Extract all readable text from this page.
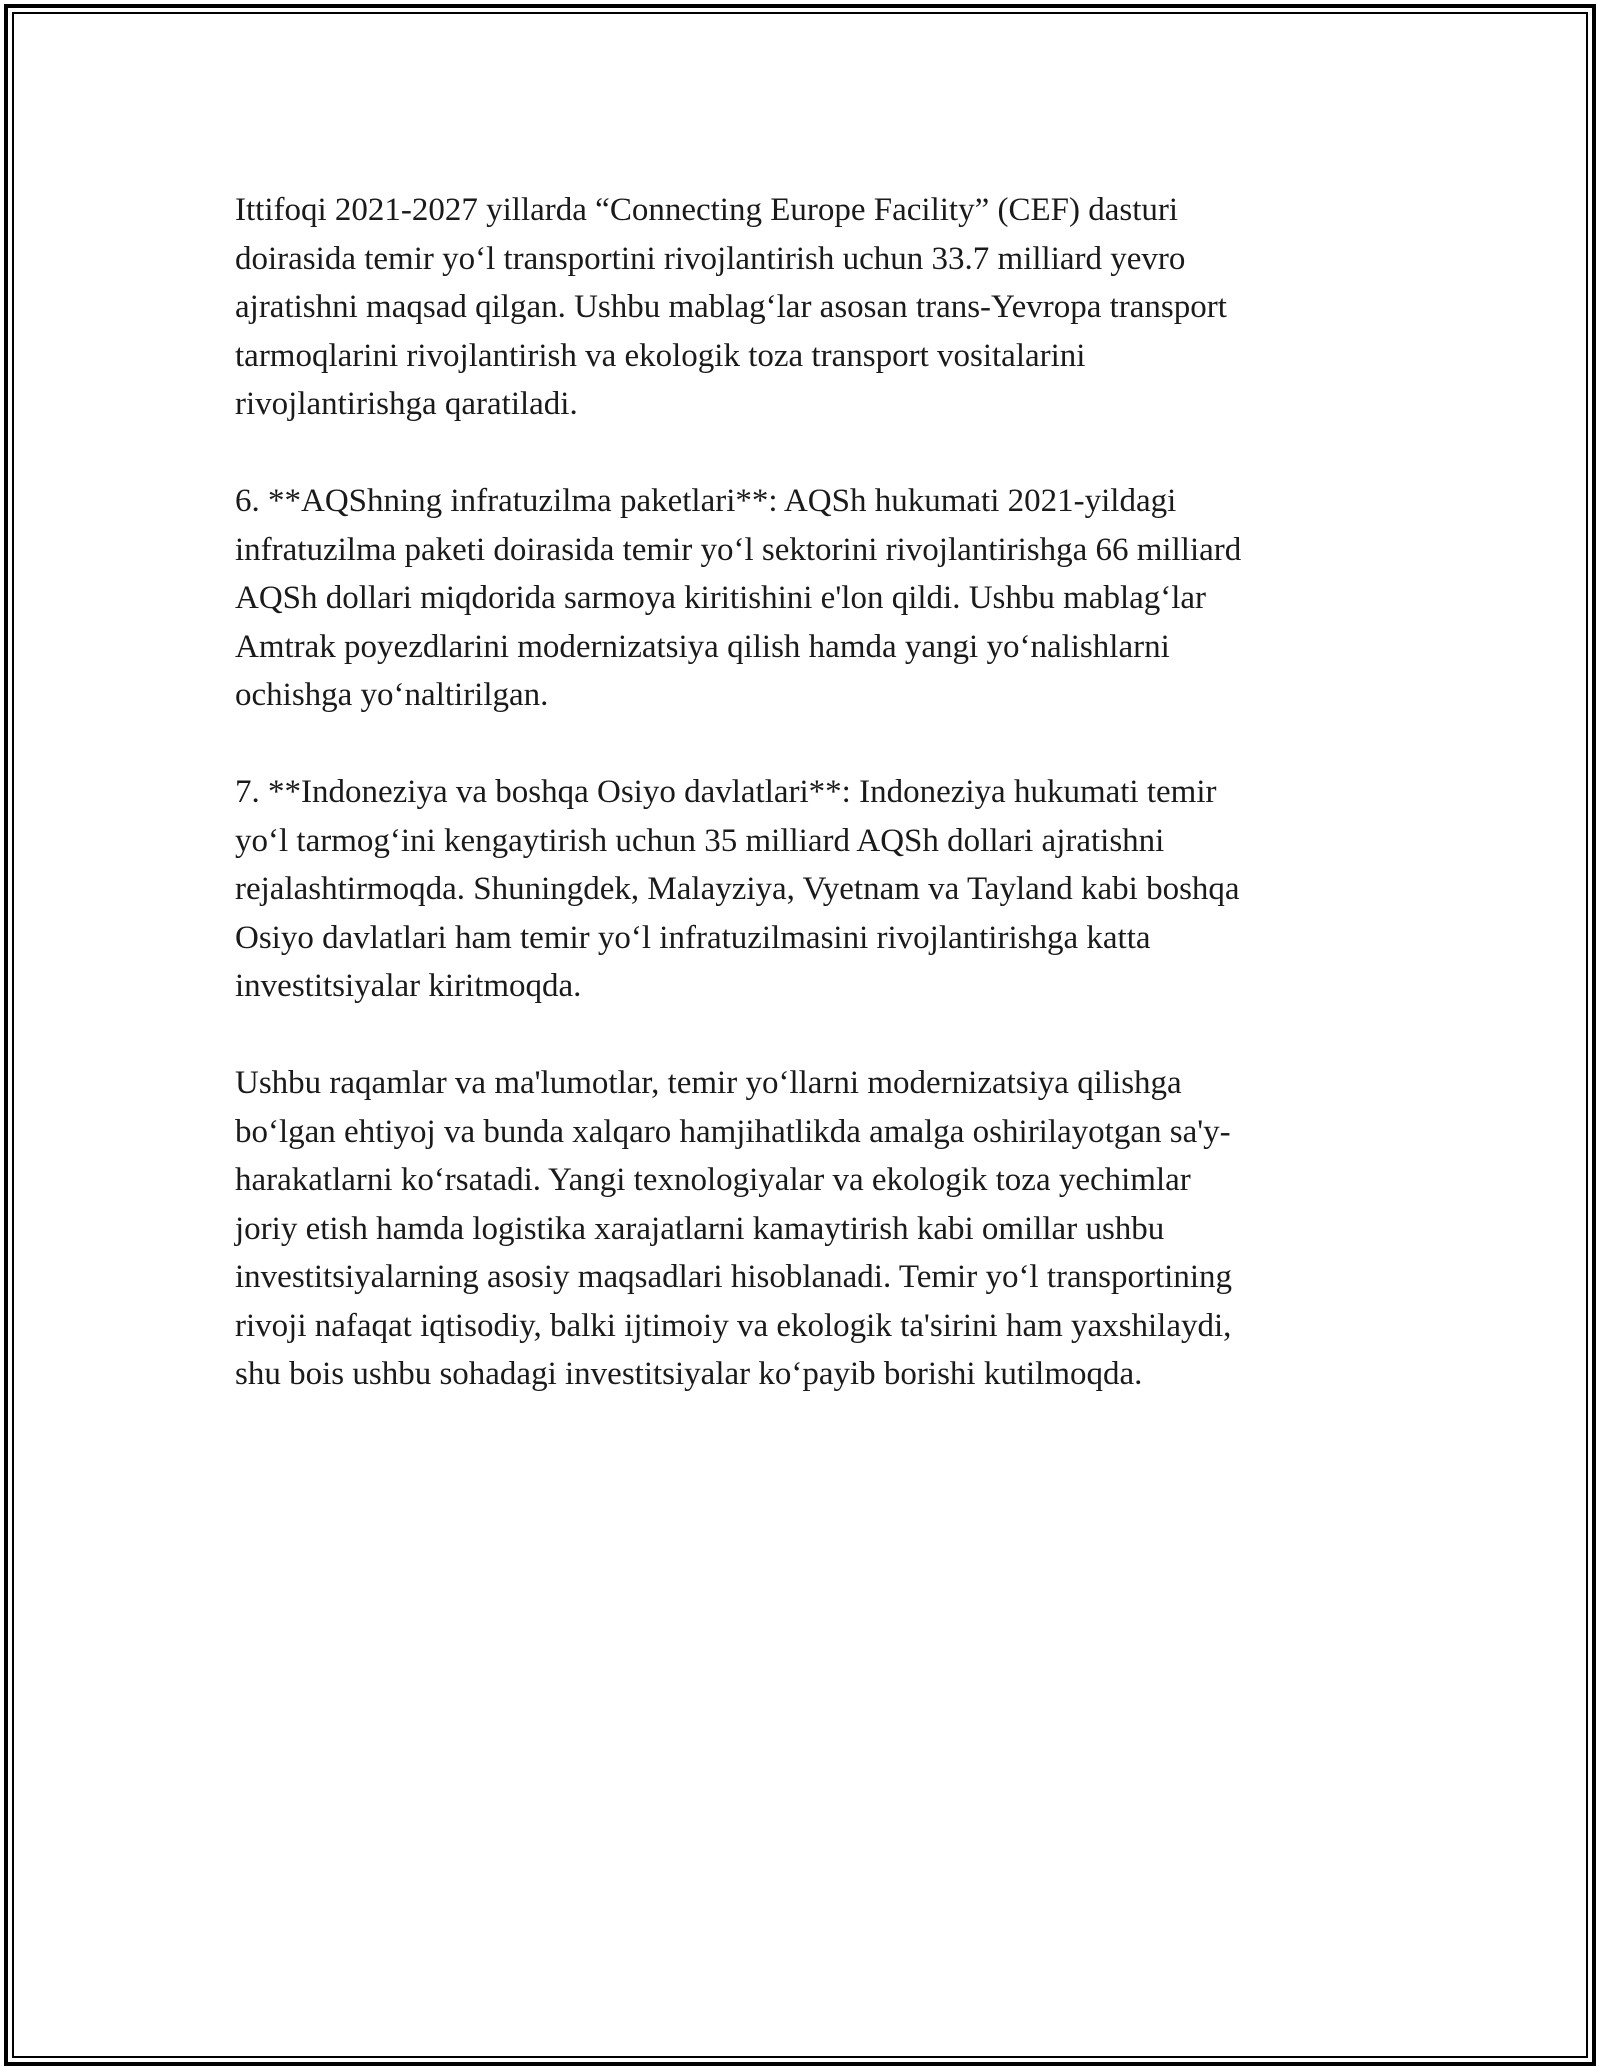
Ittifoqi 2021-2027 yillarda “Connecting Europe Facility” (CEF) dasturi
doirasida temir yoʻl transportini rivojlantirish uchun 33.7 milliard yevro
ajratishni maqsad qilgan. Ushbu mablagʻlar asosan trans-Yevropa transport
tarmoqlarini rivojlantirish va ekologik toza transport vositalarini
rivojlantirishga qaratiladi.

6. **AQShning infratuzilma paketlari**: AQSh hukumati 2021-yildagi
infratuzilma paketi doirasida temir yoʻl sektorini rivojlantirishga 66 milliard
AQSh dollari miqdorida sarmoya kiritishini e'lon qildi. Ushbu mablagʻlar
Amtrak poyezdlarini modernizatsiya qilish hamda yangi yoʻnalishlarni
ochishga yoʻnaltirilgan.

7. **Indoneziya va boshqa Osiyo davlatlari**: Indoneziya hukumati temir
yoʻl tarmogʻini kengaytirish uchun 35 milliard AQSh dollari ajratishni
rejalashtirmoqda. Shuningdek, Malayziya, Vyetnam va Tayland kabi boshqa
Osiyo davlatlari ham temir yoʻl infratuzilmasini rivojlantirishga katta
investitsiyalar kiritmoqda.

Ushbu raqamlar va ma'lumotlar, temir yoʻllarni modernizatsiya qilishga
boʻlgan ehtiyoj va bunda xalqaro hamjihatlikda amalga oshirilayotgan sa'y-
harakatlarni koʻrsatadi. Yangi texnologiyalar va ekologik toza yechimlar
joriy etish hamda logistika xarajatlarni kamaytirish kabi omillar ushbu
investitsiyalarning asosiy maqsadlari hisoblanadi. Temir yoʻl transportining
rivoji nafaqat iqtisodiy, balki ijtimoiy va ekologik ta'sirini ham yaxshilaydi,
shu bois ushbu sohadagi investitsiyalar koʻpayib borishi kutilmoqda.
